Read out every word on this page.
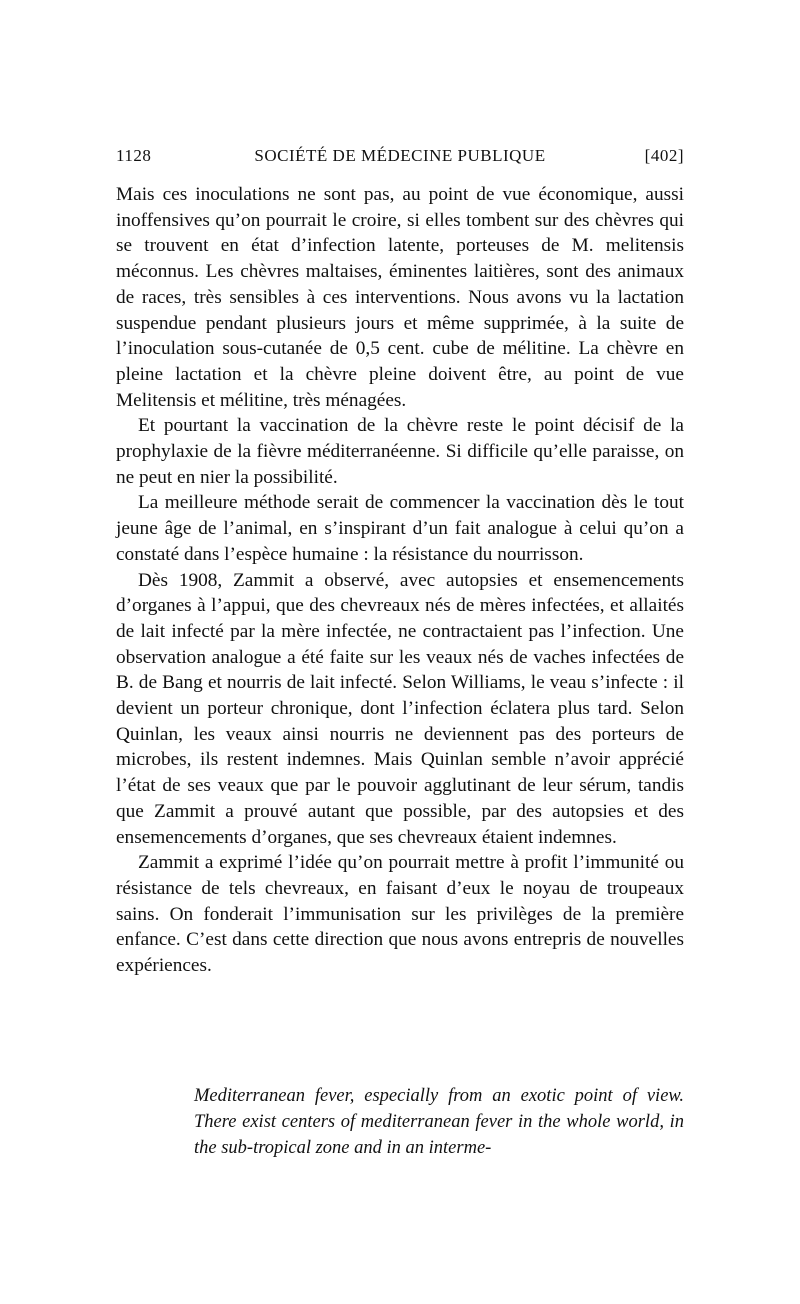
1128	SOCIÉTÉ DE MÉDECINE PUBLIQUE	[402]

Mais ces inoculations ne sont pas, au point de vue économique, aussi inoffensives qu’on pourrait le croire, si elles tombent sur des chèvres qui se trouvent en état d’infection latente, porteuses de M. melitensis méconnus. Les chèvres maltaises, éminentes laitières, sont des animaux de races, très sensibles à ces interventions. Nous avons vu la lactation suspendue pendant plusieurs jours et même supprimée, à la suite de l’inoculation sous-cutanée de 0,5 cent. cube de mélitine. La chèvre en pleine lactation et la chèvre pleine doivent être, au point de vue Melitensis et mélitine, très ménagées.

Et pourtant la vaccination de la chèvre reste le point décisif de la prophylaxie de la fièvre méditerranéenne. Si difficile qu’elle paraisse, on ne peut en nier la possibilité.

La meilleure méthode serait de commencer la vaccination dès le tout jeune âge de l’animal, en s’inspirant d’un fait analogue à celui qu’on a constaté dans l’espèce humaine : la résistance du nourrisson.

Dès 1908, Zammit a observé, avec autopsies et ensemencements d’organes à l’appui, que des chevreaux nés de mères infectées, et allaités de lait infecté par la mère infectée, ne contractaient pas l’infection. Une observation analogue a été faite sur les veaux nés de vaches infectées de B. de Bang et nourris de lait infecté. Selon Williams, le veau s’infecte : il devient un porteur chronique, dont l’infection éclatera plus tard. Selon Quinlan, les veaux ainsi nourris ne deviennent pas des porteurs de microbes, ils restent indemnes. Mais Quinlan semble n’avoir apprécié l’état de ses veaux que par le pouvoir agglutinant de leur sérum, tandis que Zammit a prouvé autant que possible, par des autopsies et des ensemencements d’organes, que ses chevreaux étaient indemnes.

Zammit a exprimé l’idée qu’on pourrait mettre à profit l’immunité ou résistance de tels chevreaux, en faisant d’eux le noyau de troupeaux sains. On fonderait l’immunisation sur les privilèges de la première enfance. C’est dans cette direction que nous avons entrepris de nouvelles expériences.

Mediterranean fever, especially from an exotic point of view. There exist centers of mediterranean fever in the whole world, in the sub-tropical zone and in an interme-
